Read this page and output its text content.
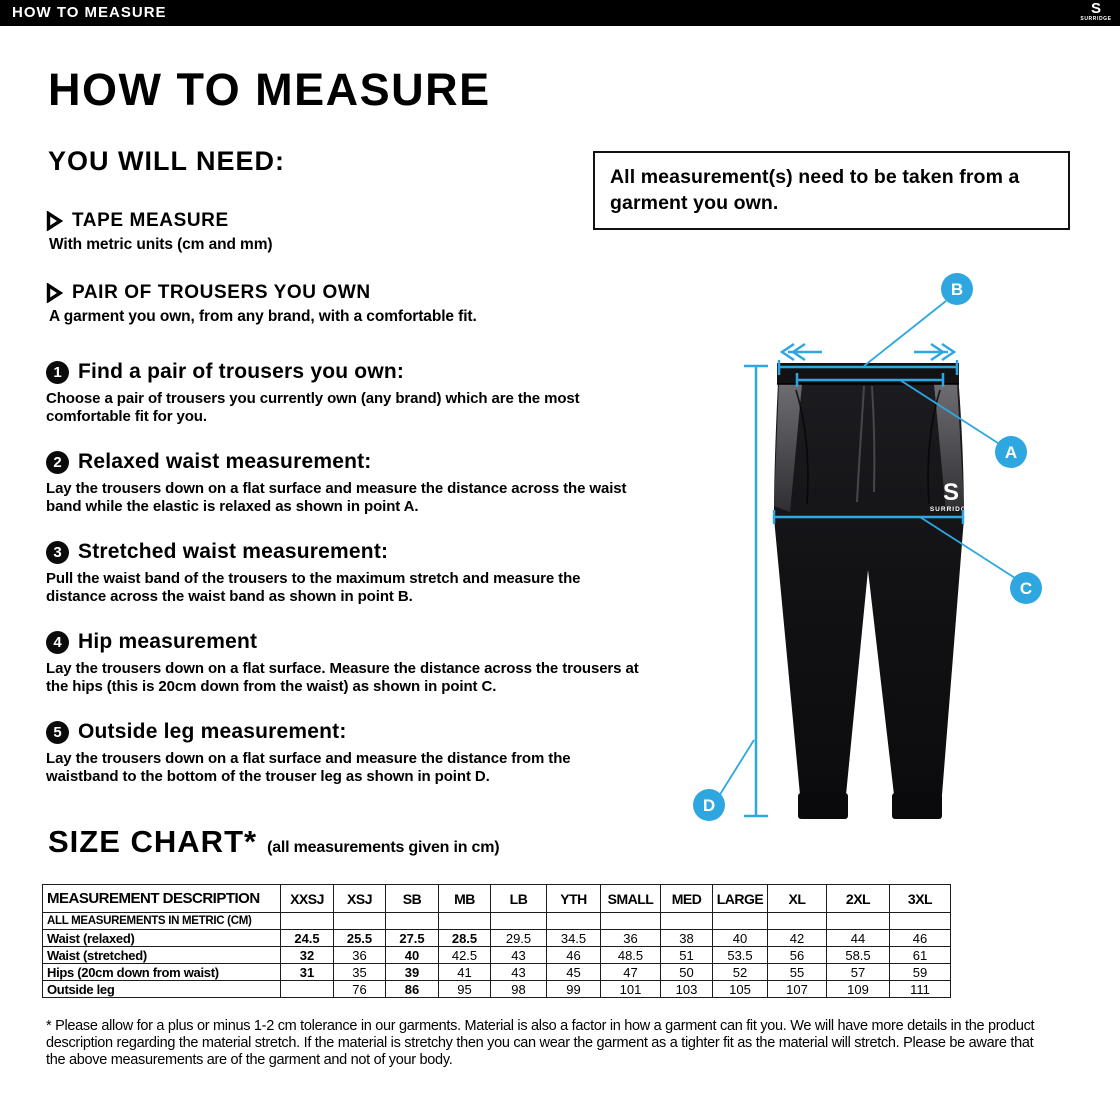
HOW TO MEASURE	S
SURRIDGE
HOW TO MEASURE
YOU WILL NEED:
All measurement(s) need to be taken from a garment you own.
TAPE MEASURE
With metric units (cm and mm)
PAIR OF TROUSERS YOU OWN
A garment you own, from any brand, with a comfortable fit.
1 Find a pair of trousers you own:
Choose a pair of trousers you currently own (any brand) which are the most comfortable fit for you.
2 Relaxed waist measurement:
Lay the trousers down on a flat surface and measure the distance across the waist band while the elastic is relaxed as shown in point A.
3 Stretched waist measurement:
Pull the waist band of the trousers to the maximum stretch and measure the distance across the waist band as shown in point B.
4 Hip measurement
Lay the trousers down on a flat surface. Measure the distance across the trousers at the hips (this is 20cm down from the waist) as shown in point C.
5 Outside leg measurement:
Lay the trousers down on a flat surface and measure the distance from the waistband to the bottom of the trouser leg as shown in point D.
S
SURRIDGE
B
A
C
D
SIZE CHART* (all measurements given in cm)
MEASUREMENT DESCRIPTION	XXSJ	XSJ	SB	MB	LB	YTH	SMALL	MED	LARGE	XL	2XL	3XL
ALL MEASUREMENTS IN METRIC (CM)												
Waist (relaxed)	24.5	25.5	27.5	28.5	29.5	34.5	36	38	40	42	44	46
Waist (stretched)	32	36	40	42.5	43	46	48.5	51	53.5	56	58.5	61
Hips (20cm down from waist)	31	35	39	41	43	45	47	50	52	55	57	59
Outside leg		76	86	95	98	99	101	103	105	107	109	111
* Please allow for a plus or minus 1-2 cm tolerance in our garments. Material is also a factor in how a garment can fit you. We will have more details in the product description regarding the material stretch. If the material is stretchy then you can wear the garment as a tighter fit as the material will stretch. Please be aware that the above measurements are of the garment and not of your body.
